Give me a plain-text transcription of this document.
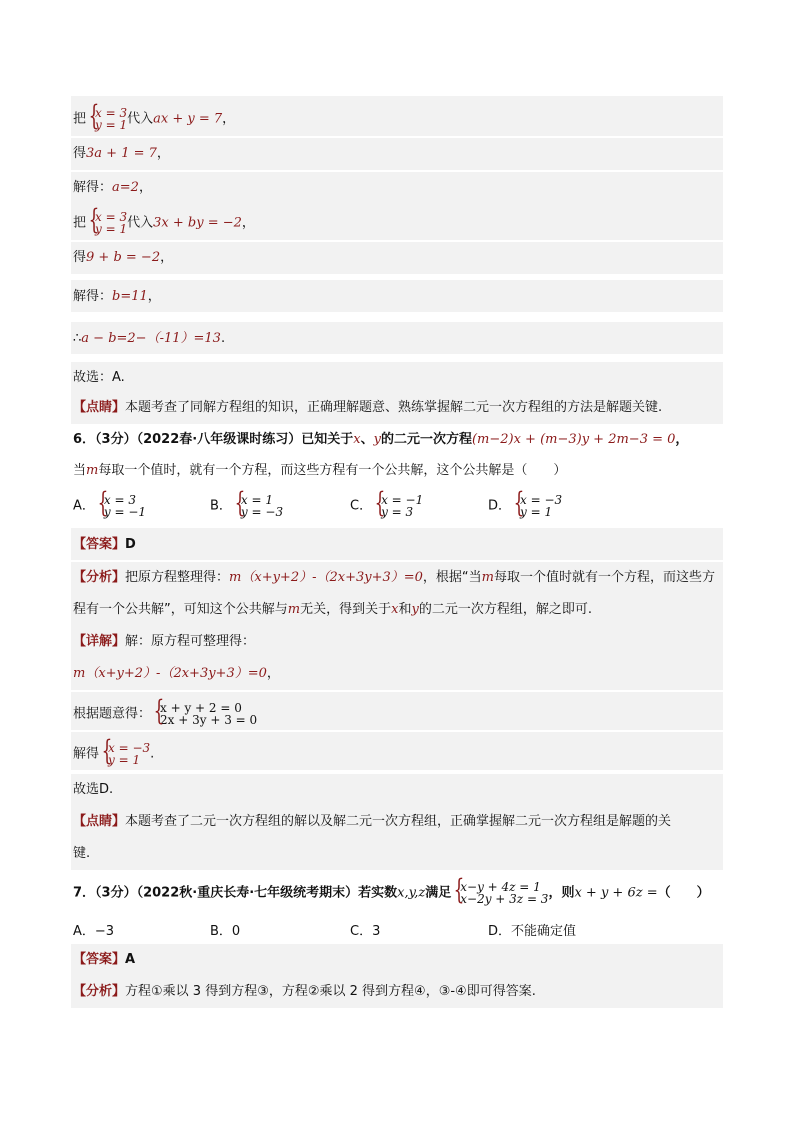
把 { x = 3
y = 1 代入ax + y = 7，
得3a + 1 = 7，
解得：a=2，
把 { x = 3
y = 1 代入3x + by = −2，
得9 + b = −2，
解得：b=11，
∴a − b=2−（-11）=13.
故选：A.
【点睛】本题考查了同解方程组的知识，正确理解题意、熟练掌握解二元一次方程组的方法是解题关键.
6．（3分）（2022春·八年级课时练习）已知关于x、y的二元一次方程(m−2)x + (m−3)y + 2m−3 = 0，
当m每取一个值时，就有一个方程，而这些方程有一个公共解，这个公共解是（　　）
A． { x = 3
y = −1	B． { x = 1
y = −3	C． { x = −1
y = 3	D． { x = −3
y = 1
【答案】D
【分析】把原方程整理得：m（x+y+2）-（2x+3y+3）=0，根据“当m每取一个值时就有一个方程，而这些方
程有一个公共解”，可知这个公共解与m无关，得到关于x和y的二元一次方程组，解之即可.
【详解】解：原方程可整理得：
m（x+y+2）-（2x+3y+3）=0，
根据题意得： { x + y + 2 = 0
2x + 3y + 3 = 0
解得 { x = −3
y = 1 .
故选D.
【点睛】本题考查了二元一次方程组的解以及解二元一次方程组，正确掌握解二元一次方程组是解题的关
键.
7．（3分）（2022秋·重庆长寿·七年级统考期末）若实数x,y,z满足 { x−y + 4z = 1
x−2y + 3z = 3 ，则x + y + 6z =（　　）
A．−3	B．0	C．3	D．不能确定值
【答案】A
【分析】方程①乘以 3 得到方程③，方程②乘以 2 得到方程④，③-④即可得答案.
